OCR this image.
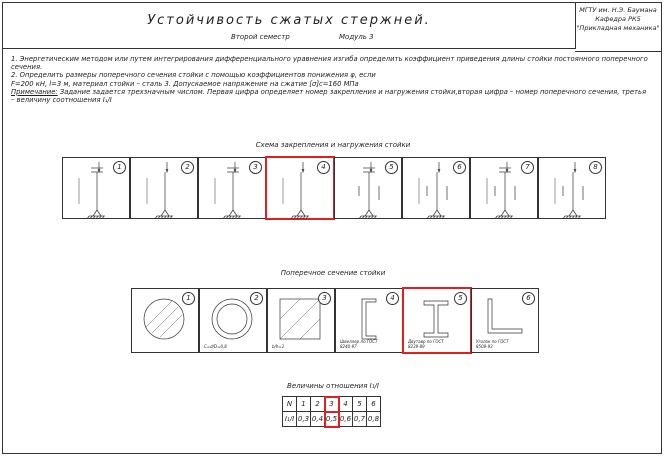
Устойчивость сжатых стержней.
Второй семестр	Модуль 3
МГТУ им. Н.Э. Баумана
Кафедра РК5
"Прикладная механика"

1. Энергетическим методом или путем интегрирования дифференциального уравнения изгиба определить коэффициент приведения длины стойки постоянного поперечного сечения.

2. Определить размеры поперечного сечения стойки с помощью коэффициентов понижения φ, если

F=200 кН, l=3 м, материал стойки – сталь 3. Допускаемое напряжение на сжатие [σ]с=160 МПа

Примечание: Задание задается трехзначным числом. Первая цифра определяет номер закрепления и нагружения стойки,вторая цифра – номер поперечного сечения, третья – величину соотношения I₁/I

Схема закрепления и нагружения стойки
1	2	3	4	5	6	7	8
Поперечное сечение стойки
1	2
C=d/D=0,8
3
b/h=1
4
Швеллер по ГОСТ 8240-97
5
Двутавр по ГОСТ 8239-89
6
Уголок по ГОСТ 8509-93
Величины отношения I₁/I
N	1	2	3	4	5	6
I₁/I	0,3	0,4	0,5	0,6	0,7	0,8
